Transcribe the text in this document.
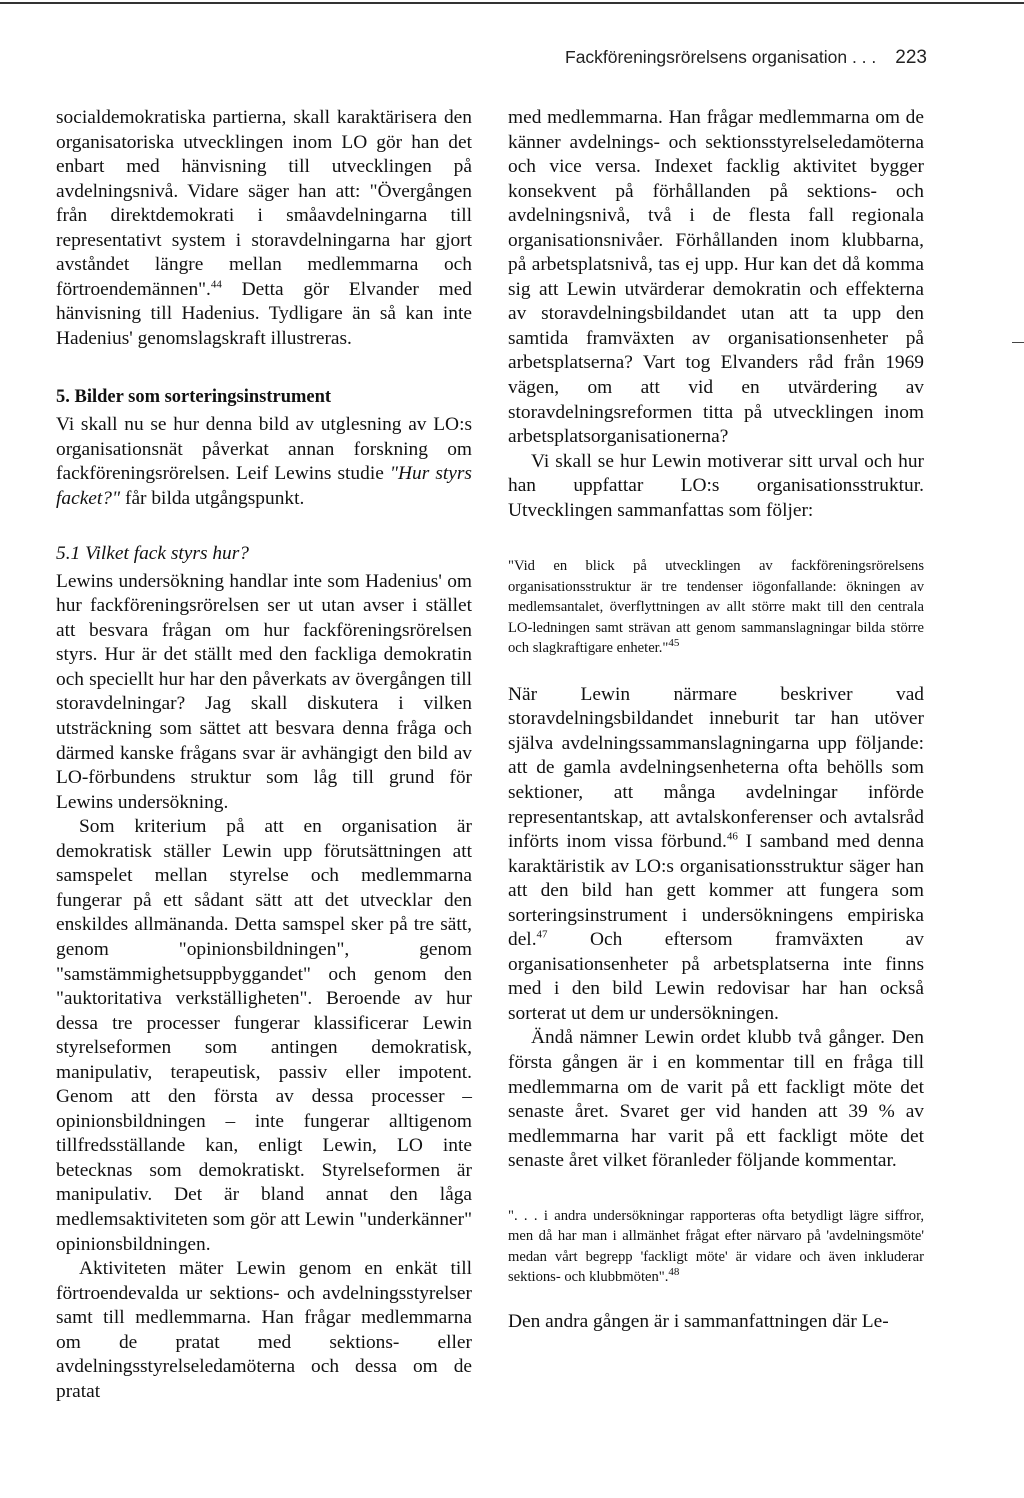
Fackföreningsrörelsens organisation . . . 223

socialdemokratiska partierna, skall karaktärisera den organisatoriska utvecklingen inom LO gör han det enbart med hänvisning till utvecklingen på avdelningsnivå. Vidare säger han att: "Övergången från direktdemokrati i småavdelningarna till representativt system i storavdelningarna har gjort avståndet längre mellan medlemmarna och förtroendemännen".$^{44}$ Detta gör Elvander med hänvisning till Hadenius. Tydligare än så kan inte Hadenius' genomslagskraft illustreras.

5. Bilder som sorteringsinstrument

Vi skall nu se hur denna bild av utglesning av LO:s organisationsnät påverkat annan forskning om fackföreningsrörelsen. Leif Lewins studie "Hur styrs facket?" får bilda utgångspunkt.

5.1 Vilket fack styrs hur?

Lewins undersökning handlar inte som Hadenius' om hur fackföreningsrörelsen ser ut utan avser i stället att besvara frågan om hur fackföreningsrörelsen styrs. Hur är det ställt med den fackliga demokratin och speciellt hur har den påverkats av övergången till storavdelningar? Jag skall diskutera i vilken utsträckning som sättet att besvara denna fråga och därmed kanske frågans svar är avhängigt den bild av LO-förbundens struktur som låg till grund för Lewins undersökning.

Som kriterium på att en organisation är demokratisk ställer Lewin upp förutsättningen att samspelet mellan styrelse och medlemmarna fungerar på ett sådant sätt att det utvecklar den enskildes allmänanda. Detta samspel sker på tre sätt, genom "opinionsbildningen", genom "samstämmighetsuppbyggandet" och genom den "auktoritativa verkställigheten". Beroende av hur dessa tre processer fungerar klassificerar Lewin styrelseformen som antingen demokratisk, manipulativ, terapeutisk, passiv eller impotent. Genom att den första av dessa processer – opinionsbildningen – inte fungerar alltigenom tillfredsställande kan, enligt Lewin, LO inte betecknas som demokratiskt. Styrelseformen är manipulativ. Det är bland annat den låga medlemsaktiviteten som gör att Lewin "underkänner" opinionsbildningen.

Aktiviteten mäter Lewin genom en enkät till förtroendevalda ur sektions- och avdelningsstyrelser samt till medlemmarna. Han frågar medlemmarna om de pratat med sektions- eller avdelningsstyrelseledamöterna och dessa om de pratat

med medlemmarna. Han frågar medlemmarna om de känner avdelnings- och sektionsstyrelseledamöterna och vice versa. Indexet facklig aktivitet bygger konsekvent på förhållanden på sektions- och avdelningsnivå, två i de flesta fall regionala organisationsnivåer. Förhållanden inom klubbarna, på arbetsplatsnivå, tas ej upp. Hur kan det då komma sig att Lewin utvärderar demokratin och effekterna av storavdelningsbildandet utan att ta upp den samtida framväxten av organisationsenheter på arbetsplatserna? Vart tog Elvanders råd från 1969 vägen, om att vid en utvärdering av storavdelningsreformen titta på utvecklingen inom arbetsplatsorganisationerna?

Vi skall se hur Lewin motiverar sitt urval och hur han uppfattar LO:s organisationsstruktur. Utvecklingen sammanfattas som följer:

"Vid en blick på utvecklingen av fackföreningsrörelsens organisationsstruktur är tre tendenser iögonfallande: ökningen av medlemsantalet, överflyttningen av allt större makt till den centrala LO-ledningen samt strävan att genom sammanslagningar bilda större och slagkraftigare enheter."$^{45}$

När Lewin närmare beskriver vad storavdelningsbildandet inneburit tar han utöver själva avdelningssammanslagningarna upp följande: att de gamla avdelningsenheterna ofta behölls som sektioner, att många avdelningar införde representantskap, att avtalskonferenser och avtalsråd införts inom vissa förbund.$^{46}$ I samband med denna karaktäristik av LO:s organisationsstruktur säger han att den bild han gett kommer att fungera som sorteringsinstrument i undersökningens empiriska del.$^{47}$ Och eftersom framväxten av organisationsenheter på arbetsplatserna inte finns med i den bild Lewin redovisar har han också sorterat ut dem ur undersökningen.

Ändå nämner Lewin ordet klubb två gånger. Den första gången är i en kommentar till en fråga till medlemmarna om de varit på ett fackligt möte det senaste året. Svaret ger vid handen att 39 % av medlemmarna har varit på ett fackligt möte det senaste året vilket föranleder följande kommentar.

". . . i andra undersökningar rapporteras ofta betydligt lägre siffror, men då har man i allmänhet frågat efter närvaro på 'avdelningsmöte' medan vårt begrepp 'fackligt möte' är vidare och även inkluderar sektions- och klubbmöten".$^{48}$

Den andra gången är i sammanfattningen där Le-
